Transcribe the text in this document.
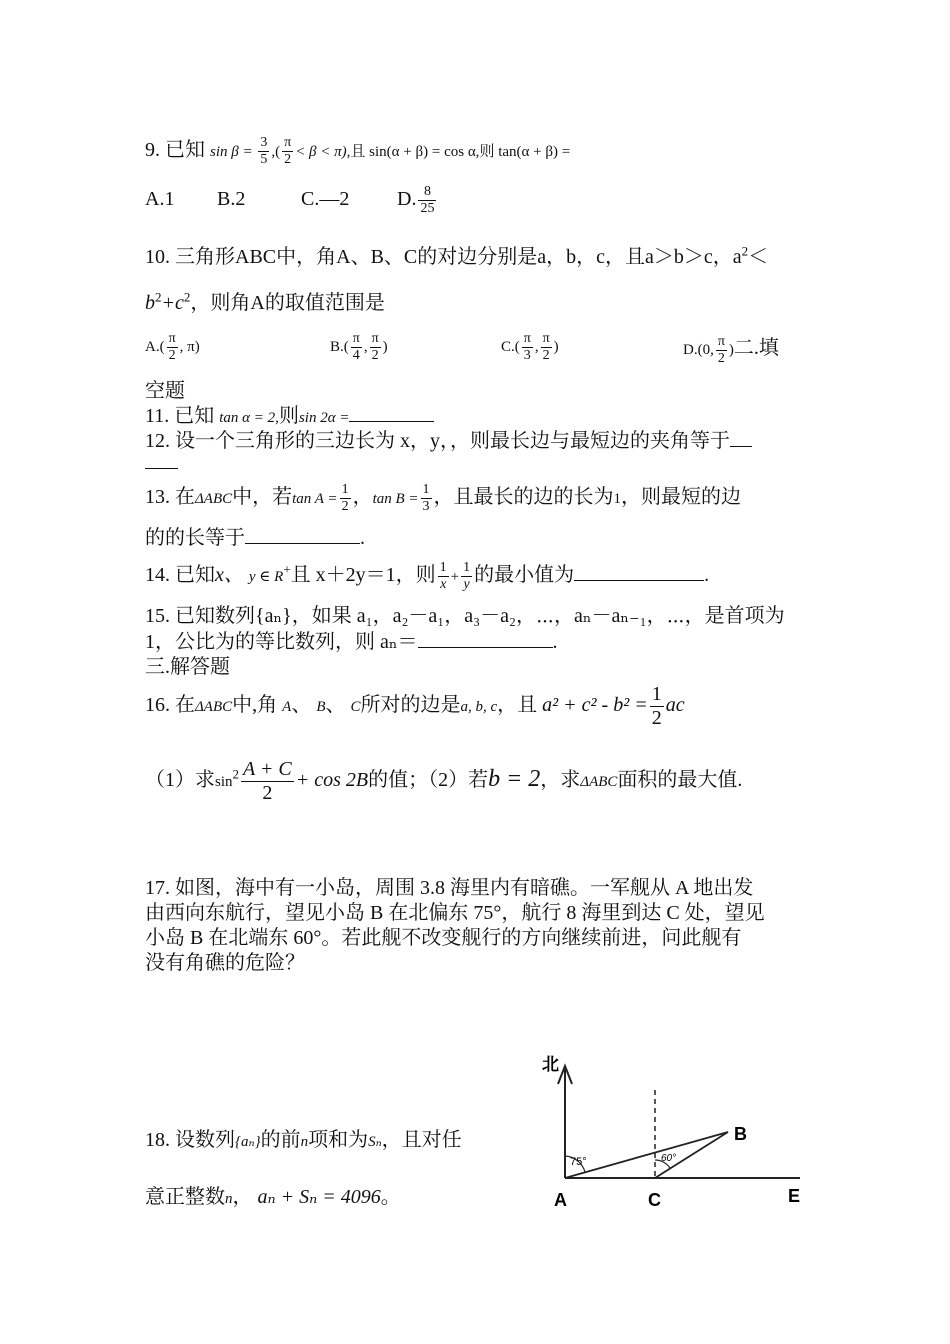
9. 已知 $\sin \beta = \frac{3}{5}$ ,( $\frac{\pi}{2} < \beta < \pi$),且 sin(α + β) = cos α,则 tan(α + β) =
A.1 B.2	C.—2 D. $\frac{8}{25}$
10. 三角形ABC中，角A、B、C的对边分别是a，b，c，且a＞b＞c，$a^2<$
$b^2+c^2$，则角A的取值范围是
$A.( \frac{\pi}{2}$ , π)	$B.( \frac{\pi}{4}$ , $\frac{\pi}{2}$ )	$C.( \frac{\pi}{3}$ , $\frac{\pi}{2}$ )	D.(0, $\frac{\pi}{2}$ )二.填
空题
11. 已知 tan α = 2,则sin 2α =
12. 设一个三角形的三边长为 x，y，，则最长边与最短边的夹角等于
13. 在ΔABC中，若$\tan A = \frac{1}{2}$ ，$\tan B = \frac{1}{3}$ ，且最长的边的长为1，则最短的边
的的长等于	.
14. 已知x、 y ∈ R+且 x＋2y＝1，则 $\frac{1}{x} + \frac{1}{y}$ 的最小值为	.
15. 已知数列{aₙ}，如果 a₁，a₂－a₁，a₃－a₂，⋯，aₙ－aₙ₋₁，⋯，是首项为
1，公比为的等比数列，则 aₙ＝	.
三.解答题
16. 在ΔABC中,角 A、 B、 C所对的边是a, b, c，且 $a^2 + c^2 - b^2 = \frac{1}{2}$ ac
（1）求$\sin^2 \frac{A + C}{2} + \cos 2B$的值；（2）若b = 2，求ΔABC面积的最大值.
17. 如图，海中有一小岛，周围 3.8 海里内有暗礁。一军舰从 A 地出发
由西向东航行，望见小岛 B 在北偏东 75°，航行 8 海里到达 C 处，望见
小岛 B 在北端东 60°。若此舰不改变舰行的方向继续前进，问此舰有
没有角礁的危险？
18. 设数列{aₙ}的前n项和为Sₙ，且对任
意正整数n， aₙ + Sₙ = 4096。
北
A	C	E
B
75°	60°
